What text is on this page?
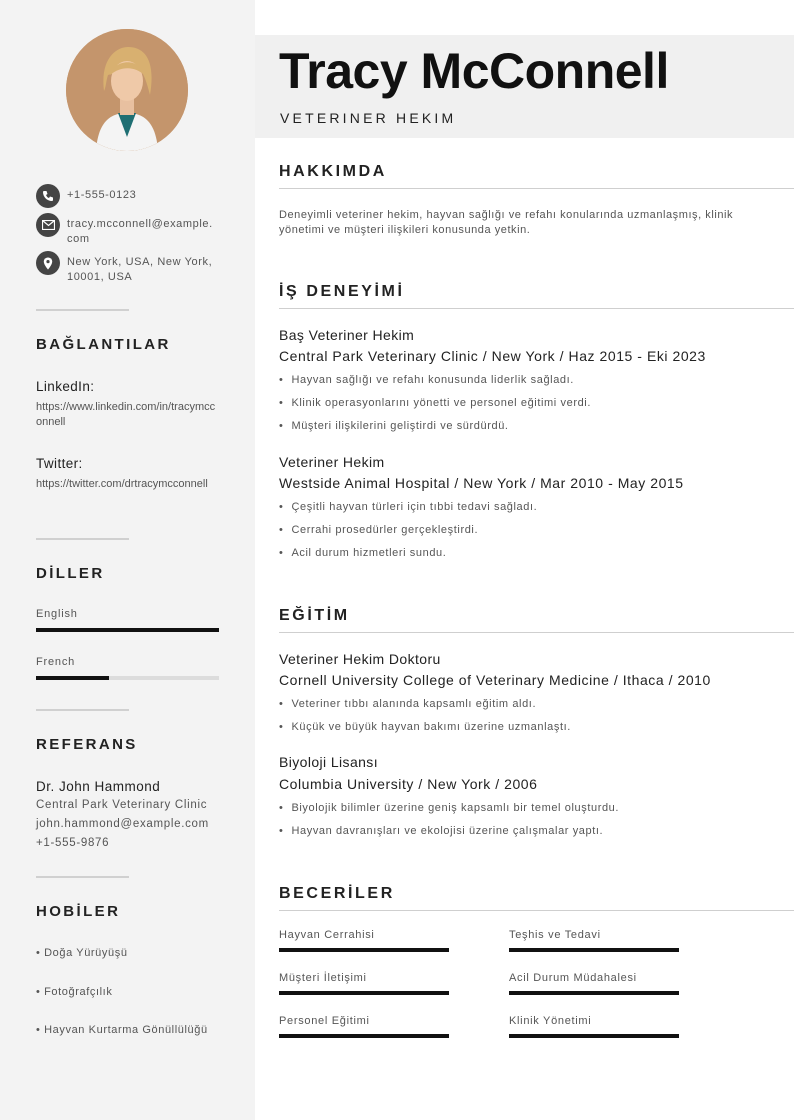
+1-555-0123
tracy.mcconnell@example.com
New York, USA, New York, 10001, USA
BAĞLANTILAR
LinkedIn:
https://www.linkedin.com/in/tracymcconnell
Twitter:
https://twitter.com/drtracymcconnell
DİLLER
English
French
REFERANS
Dr. John Hammond
Central Park Veterinary Clinic
john.hammond@example.com
+1-555-9876
HOBİLER
• Doğa Yürüyüşü
• Fotoğrafçılık
• Hayvan Kurtarma Gönüllülüğü
Tracy McConnell
VETERINER HEKIM
HAKKIMDA
Deneyimli veteriner hekim, hayvan sağlığı ve refahı konularında uzmanlaşmış, klinik yönetimi ve müşteri ilişkileri konusunda yetkin.
İŞ DENEYİMİ
Baş Veteriner Hekim
Central Park Veterinary Clinic / New York / Haz 2015 - Eki 2023
• Hayvan sağlığı ve refahı konusunda liderlik sağladı.
• Klinik operasyonlarını yönetti ve personel eğitimi verdi.
• Müşteri ilişkilerini geliştirdi ve sürdürdü.
Veteriner Hekim
Westside Animal Hospital / New York / Mar 2010 - May 2015
• Çeşitli hayvan türleri için tıbbi tedavi sağladı.
• Cerrahi prosedürler gerçekleştirdi.
• Acil durum hizmetleri sundu.
EĞİTİM
Veteriner Hekim Doktoru
Cornell University College of Veterinary Medicine / Ithaca / 2010
• Veteriner tıbbı alanında kapsamlı eğitim aldı.
• Küçük ve büyük hayvan bakımı üzerine uzmanlaştı.
Biyoloji Lisansı
Columbia University / New York / 2006
• Biyolojik bilimler üzerine geniş kapsamlı bir temel oluşturdu.
• Hayvan davranışları ve ekolojisi üzerine çalışmalar yaptı.
BECERİLER
Hayvan Cerrahisi	Teşhis ve Tedavi
Müşteri İletişimi	Acil Durum Müdahalesi
Personel Eğitimi	Klinik Yönetimi
